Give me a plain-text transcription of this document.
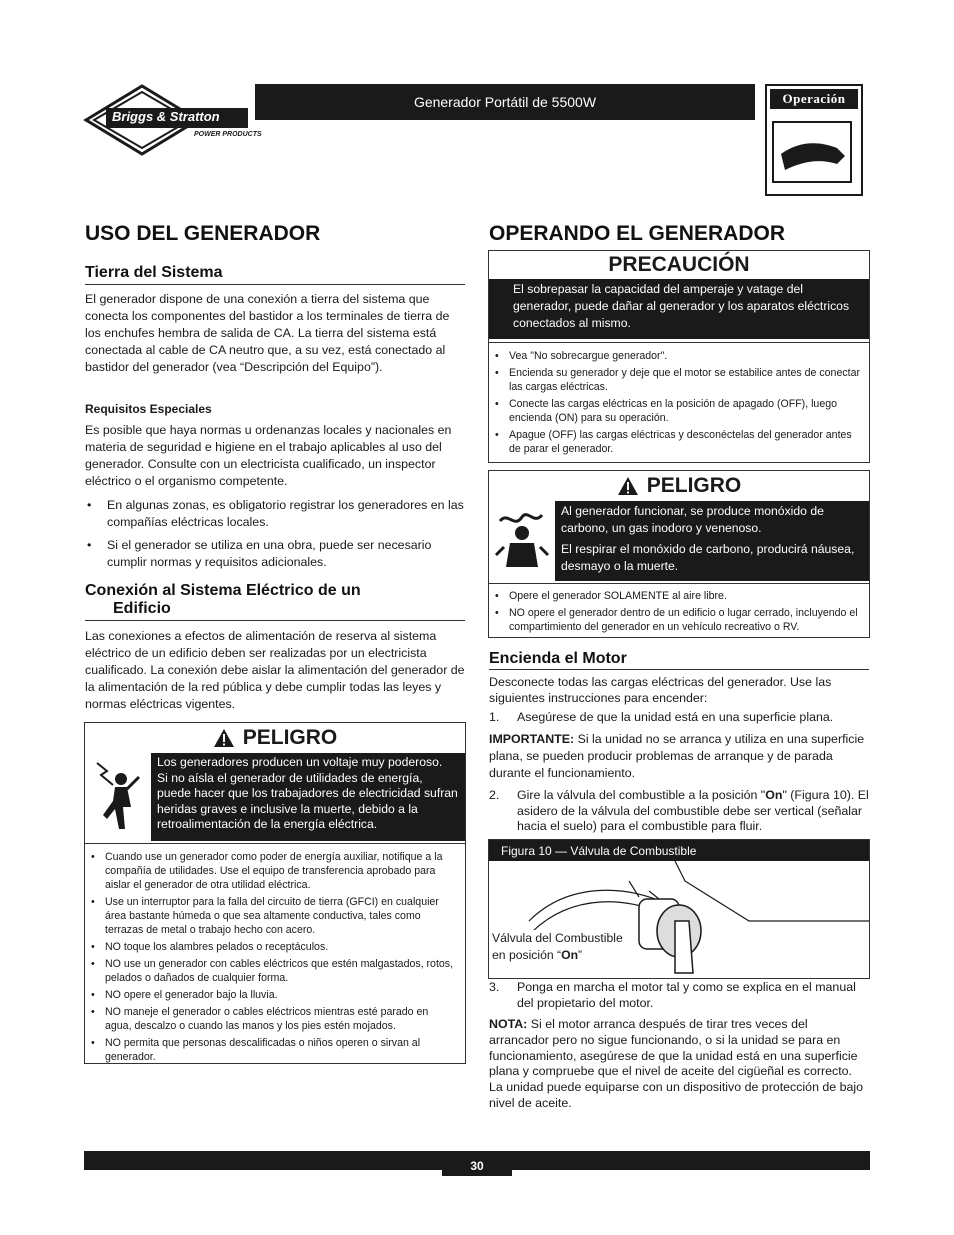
Briggs & Stratton
POWER PRODUCTS
Generador Portátil de 5500W	Operación
USO DEL GENERADOR
Tierra del Sistema

El generador dispone de una conexión a tierra del sistema que conecta los componentes del bastidor a los terminales de tierra de los enchufes hembra de salida de CA. La tierra del sistema está conectada al cable de CA neutro que, a su vez, está conectado al bastidor del generador (vea “Descripción del Equipo”).

Requisitos Especiales

Es posible que haya normas u ordenanzas locales y nacionales en materia de seguridad e higiene en el trabajo aplicables al uso del generador. Consulte con un electricista cualificado, un inspector eléctrico o el organismo competente.

• En algunas zonas, es obligatorio registrar los generadores en las compañías eléctricas locales.
• Si el generador se utiliza en una obra, puede ser necesario cumplir normas y requisitos adicionales.
Conexión al Sistema Eléctrico de un
Edificio

Las conexiones a efectos de alimentación de reserva al sistema eléctrico de un edificio deben ser realizadas por un electricista cualificado. La conexión debe aislar la alimentación del generador de la alimentación de la red pública y debe cumplir todas las leyes y normas eléctricas vigentes.

PELIGRO

Los generadores producen un voltaje muy poderoso.

Si no aísla el generador de utilidades de energía, puede hacer que los trabajadores de electricidad sufran heridas graves e inclusive la muerte, debido a la retroalimentación de la energía eléctrica.

• Cuando use un generador como poder de energía auxiliar, notifique a la compañía de utilidades. Use el equipo de transferencia aprobado para aislar el generador de otra utilidad eléctrica.
• Use un interruptor para la falla del circuito de tierra (GFCI) en cualquier área bastante húmeda o que sea altamente conductiva, tales como terrazas de metal o trabajo hecho con acero.
• NO toque los alambres pelados o receptáculos.
• NO use un generador con cables eléctricos que estén malgastados, rotos, pelados o dañados de cualquier forma.
• NO opere el generador bajo la lluvia.
• NO maneje el generador o cables eléctricos mientras esté parado en agua, descalzo o cuando las manos y los pies estén mojados.
• NO permita que personas descalificadas o niños operen o sirvan al generador.
OPERANDO EL GENERADOR
PRECAUCIÓN

El sobrepasar la capacidad del amperaje y vatage del generador, puede dañar al generador y los aparatos eléctricos conectados al mismo.

• Vea "No sobrecargue generador".
• Encienda su generador y deje que el motor se estabilice antes de conectar las cargas eléctricas.
• Conecte las cargas eléctricas en la posición de apagado (OFF), luego encienda (ON) para su operación.
• Apague (OFF) las cargas eléctricas y desconéctelas del generador antes de parar el generador.
PELIGRO

Al generador funcionar, se produce monóxido de carbono, un gas inodoro y venenoso.

El respirar el monóxido de carbono, producirá náusea, desmayo o la muerte.

• Opere el generador SOLAMENTE al aire libre.
• NO opere el generador dentro de un edificio o lugar cerrado, incluyendo el compartimiento del generador en un vehículo recreativo o RV.
Encienda el Motor

Desconecte todas las cargas eléctricas del generador. Use las siguientes instrucciones para encender:

1. Asegúrese de que la unidad está en una superficie plana.

IMPORTANTE: Si la unidad no se arranca y utiliza en una superficie plana, se pueden producir problemas de arranque y de parada durante el funcionamiento.

2. Gire la válvula del combustible a la posición "On" (Figura 10). El asidero de la válvula del combustible debe ser vertical (señalar hacia el suelo) para el combustible para fluir.
Figura 10 — Válvula de Combustible
Válvula del Combustible
en posición “On”
3. Ponga en marcha el motor tal y como se explica en el manual del propietario del motor.

NOTA: Si el motor arranca después de tirar tres veces del arrancador pero no sigue funcionando, o si la unidad se para en funcionamiento, asegúrese de que la unidad está en una superficie plana y compruebe que el nivel de aceite del cigüeñal es correcto. La unidad puede equiparse con un dispositivo de protección de bajo nivel de aceite.

30
